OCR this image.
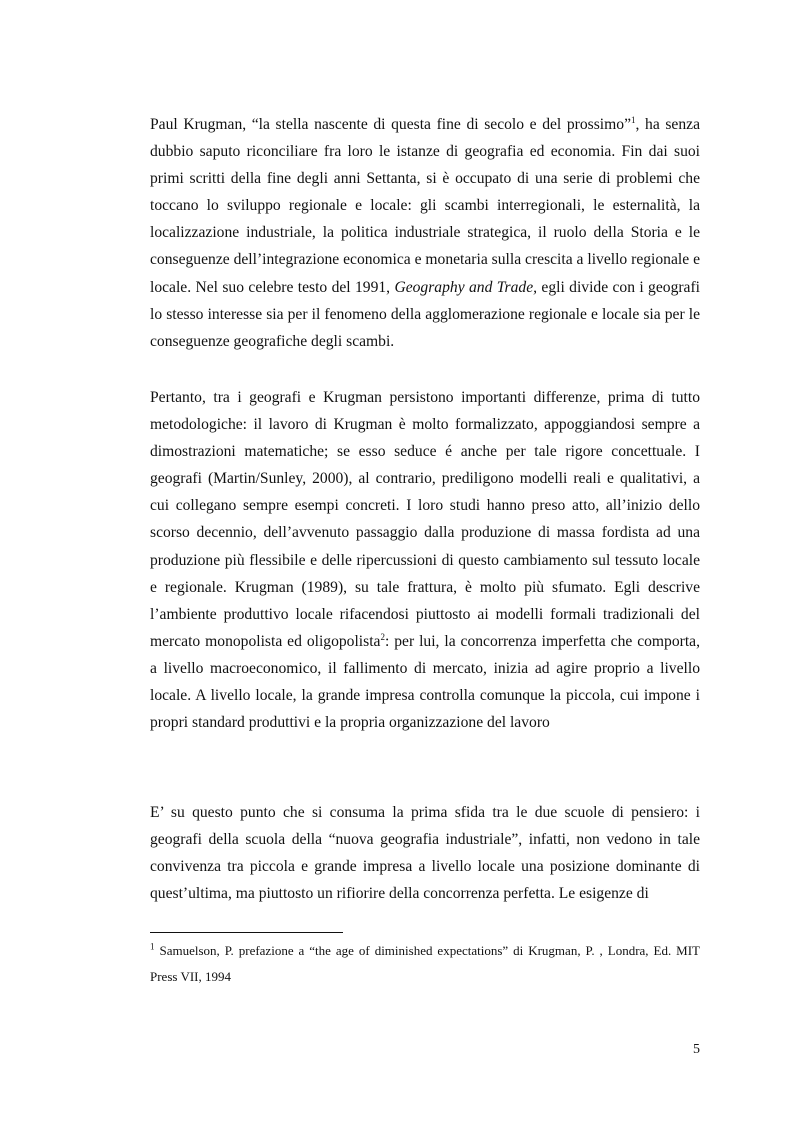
Paul Krugman, “la stella nascente di questa fine di secolo e del prossimo”$^1$, ha senza dubbio saputo riconciliare fra loro le istanze di geografia ed economia. Fin dai suoi primi scritti della fine degli anni Settanta, si è occupato di una serie di problemi che toccano lo sviluppo regionale e locale: gli scambi interregionali, le esternalità, la localizzazione industriale, la politica industriale strategica, il ruolo della Storia e le conseguenze dell’integrazione economica e monetaria sulla crescita a livello regionale e locale. Nel suo celebre testo del 1991, Geography and Trade, egli divide con i geografi lo stesso interesse sia per il fenomeno della agglomerazione regionale e locale sia per le conseguenze geografiche degli scambi.

Pertanto, tra i geografi e Krugman persistono importanti differenze, prima di tutto metodologiche: il lavoro di Krugman è molto formalizzato, appoggiandosi sempre a dimostrazioni matematiche; se esso seduce é anche per tale rigore concettuale. I geografi (Martin/Sunley, 2000), al contrario, prediligono modelli reali e qualitativi, a cui collegano sempre esempi concreti. I loro studi hanno preso atto, all’inizio dello scorso decennio, dell’avvenuto passaggio dalla produzione di massa fordista ad una produzione più flessibile e delle ripercussioni di questo cambiamento sul tessuto locale e regionale. Krugman (1989), su tale frattura, è molto più sfumato. Egli descrive l’ambiente produttivo locale rifacendosi piuttosto ai modelli formali tradizionali del mercato monopolista ed oligopolista$^2$: per lui, la concorrenza imperfetta che comporta, a livello macroeconomico, il fallimento di mercato, inizia ad agire proprio a livello locale. A livello locale, la grande impresa controlla comunque la piccola, cui impone i propri standard produttivi e la propria organizzazione del lavoro

E’ su questo punto che si consuma la prima sfida tra le due scuole di pensiero: i geografi della scuola della “nuova geografia industriale”, infatti, non vedono in tale convivenza tra piccola e grande impresa a livello locale una posizione dominante di quest’ultima, ma piuttosto un rifiorire della concorrenza perfetta. Le esigenze di

$^1$ Samuelson, P. prefazione a “the age of diminished expectations” di Krugman, P. , Londra, Ed. MIT Press VII, 1994

5
